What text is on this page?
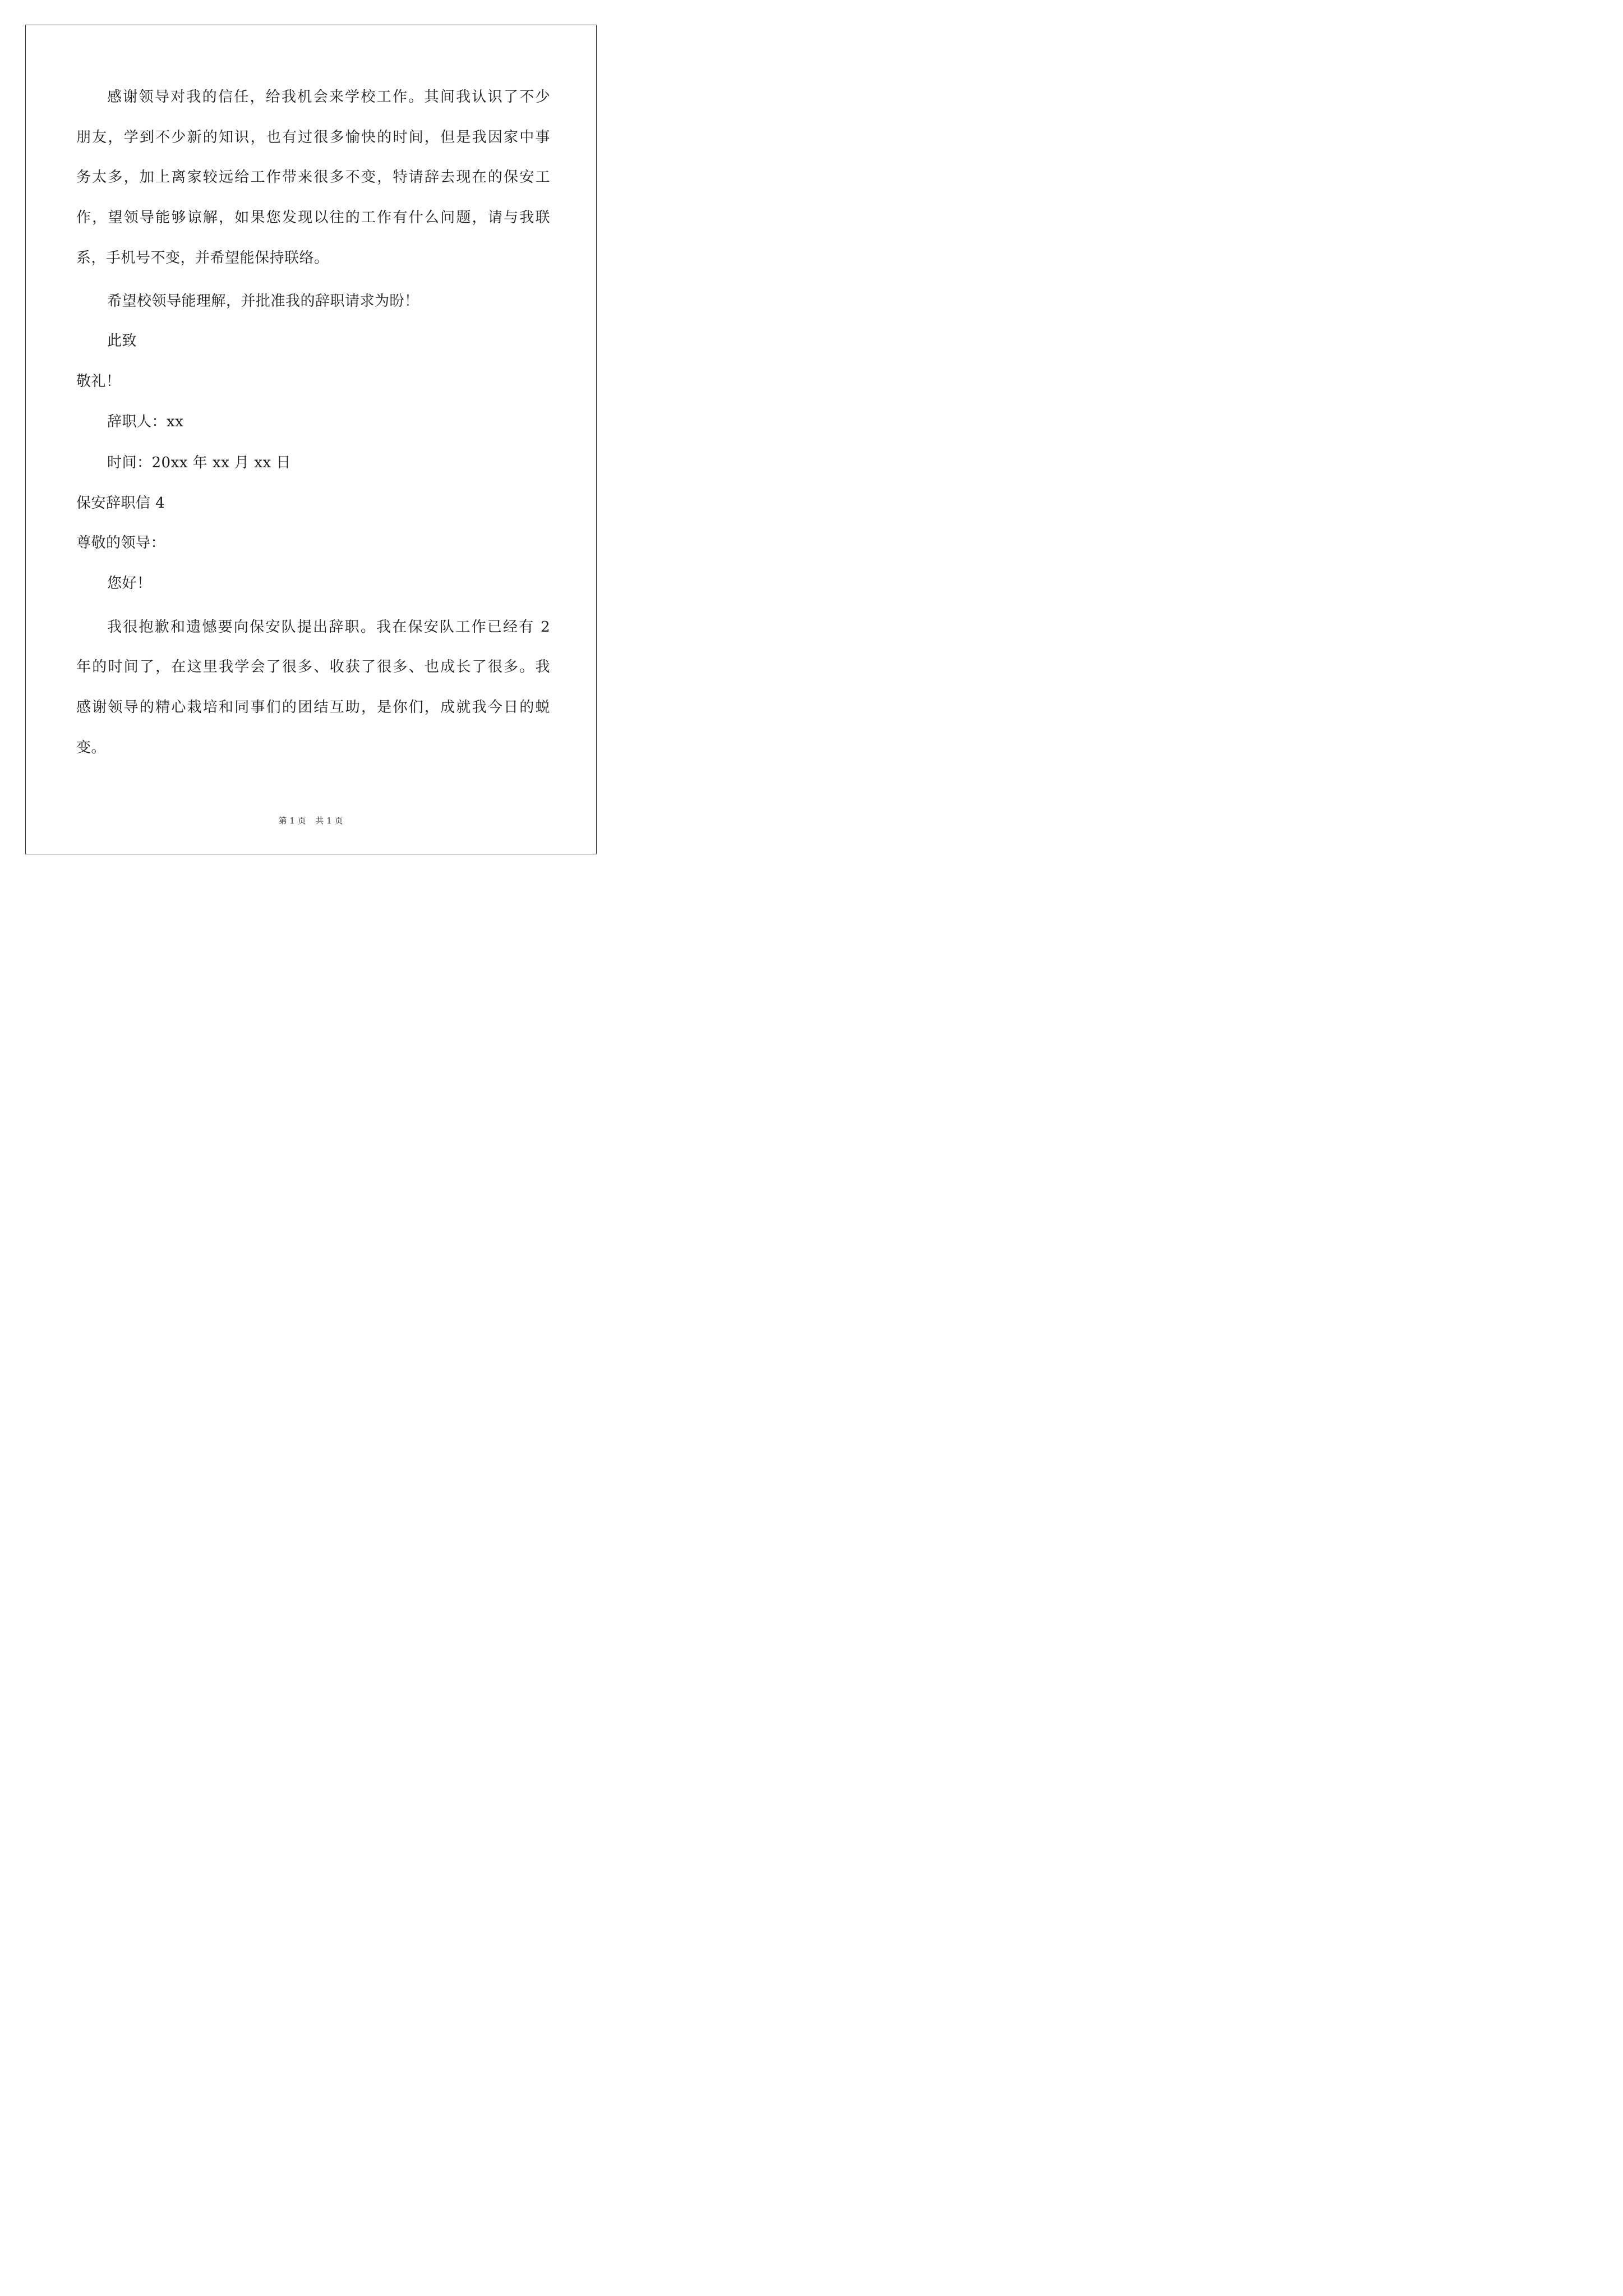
感谢领导对我的信任，给我机会来学校工作。其间我认识了不少
朋友，学到不少新的知识，也有过很多愉快的时间，但是我因家中事
务太多，加上离家较远给工作带来很多不变，特请辞去现在的保安工
作，望领导能够谅解，如果您发现以往的工作有什么问题，请与我联
系，手机号不变，并希望能保持联络。
希望校领导能理解，并批准我的辞职请求为盼！
此致
敬礼！
辞职人：xx
时间：20xx 年 xx 月 xx 日
保安辞职信 4
尊敬的领导：
您好！
我很抱歉和遗憾要向保安队提出辞职。我在保安队工作已经有 2
年的时间了，在这里我学会了很多、收获了很多、也成长了很多。我
感谢领导的精心栽培和同事们的团结互助，是你们，成就我今日的蜕
变。
第 1 页 共 1 页
